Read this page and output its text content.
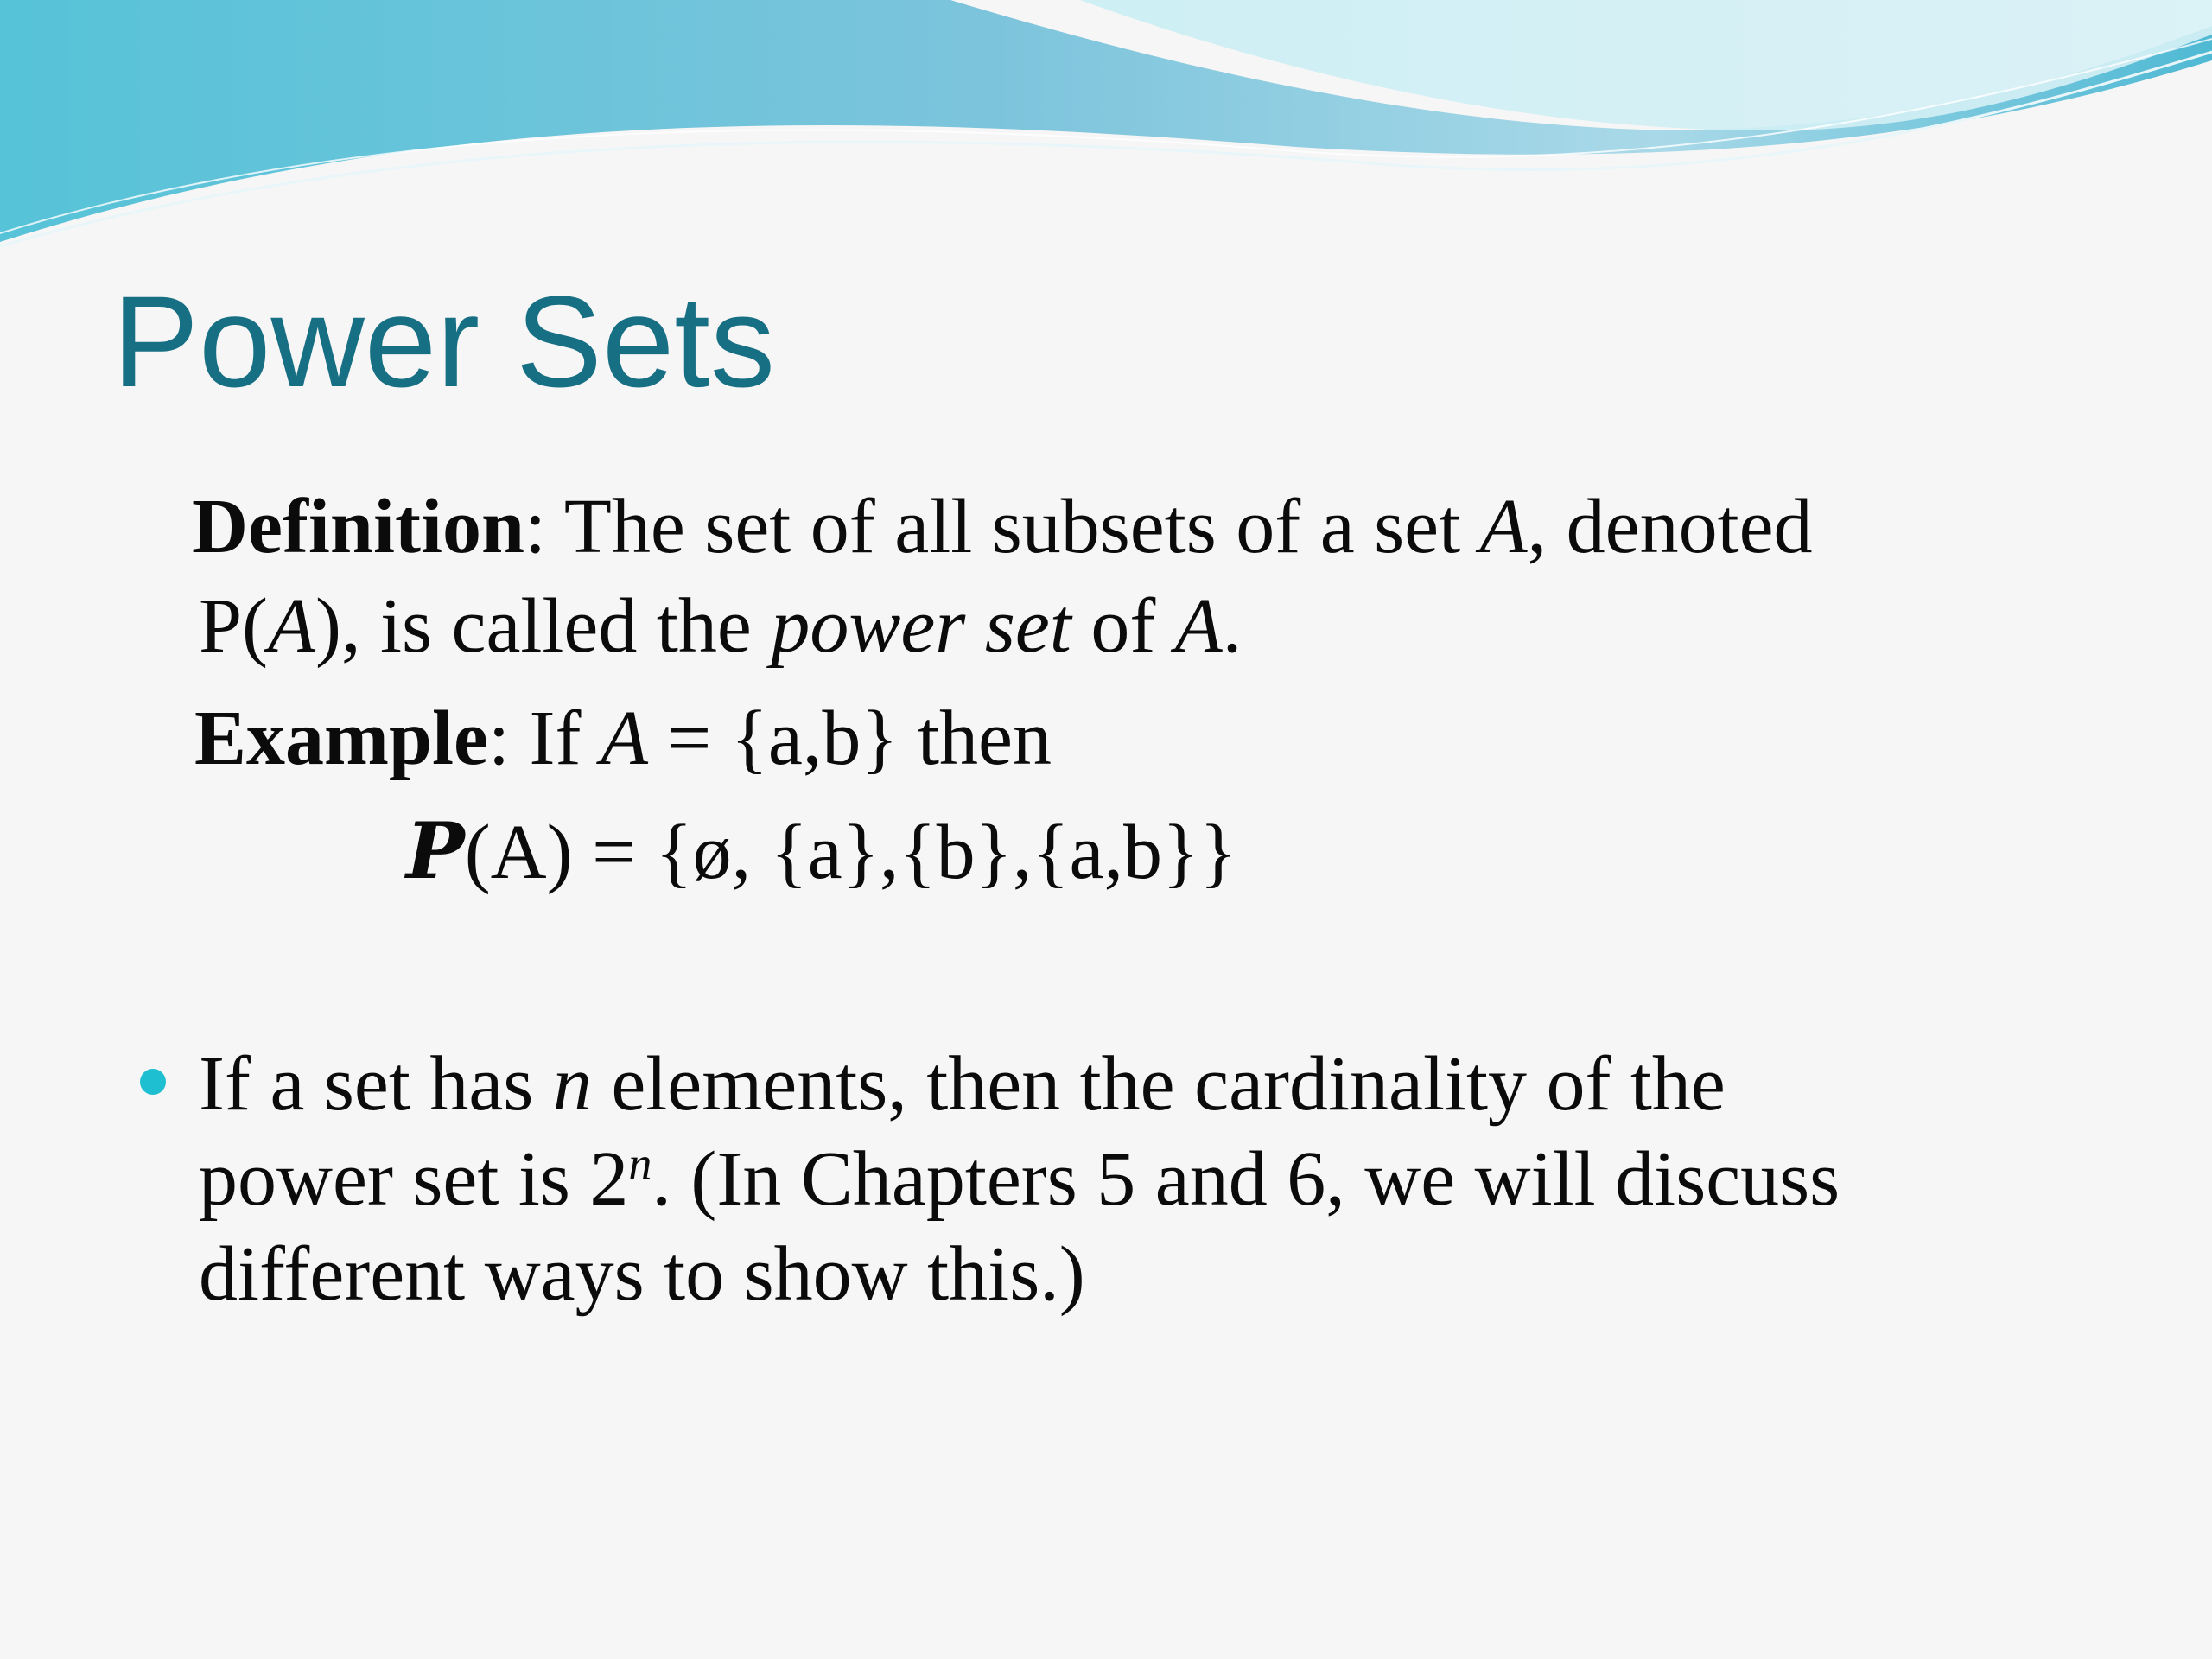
Power Sets
Definition: The set of all subsets of a set A, denoted
P(A), is called the power set of A.
Example: If A = {a,b} then
P(A) = {ø, {a},{b},{a,b}}
If a set has n elements, then the cardinality of the
power set is 2$^n$. (In Chapters 5 and 6, we will discuss
different ways to show this.)
